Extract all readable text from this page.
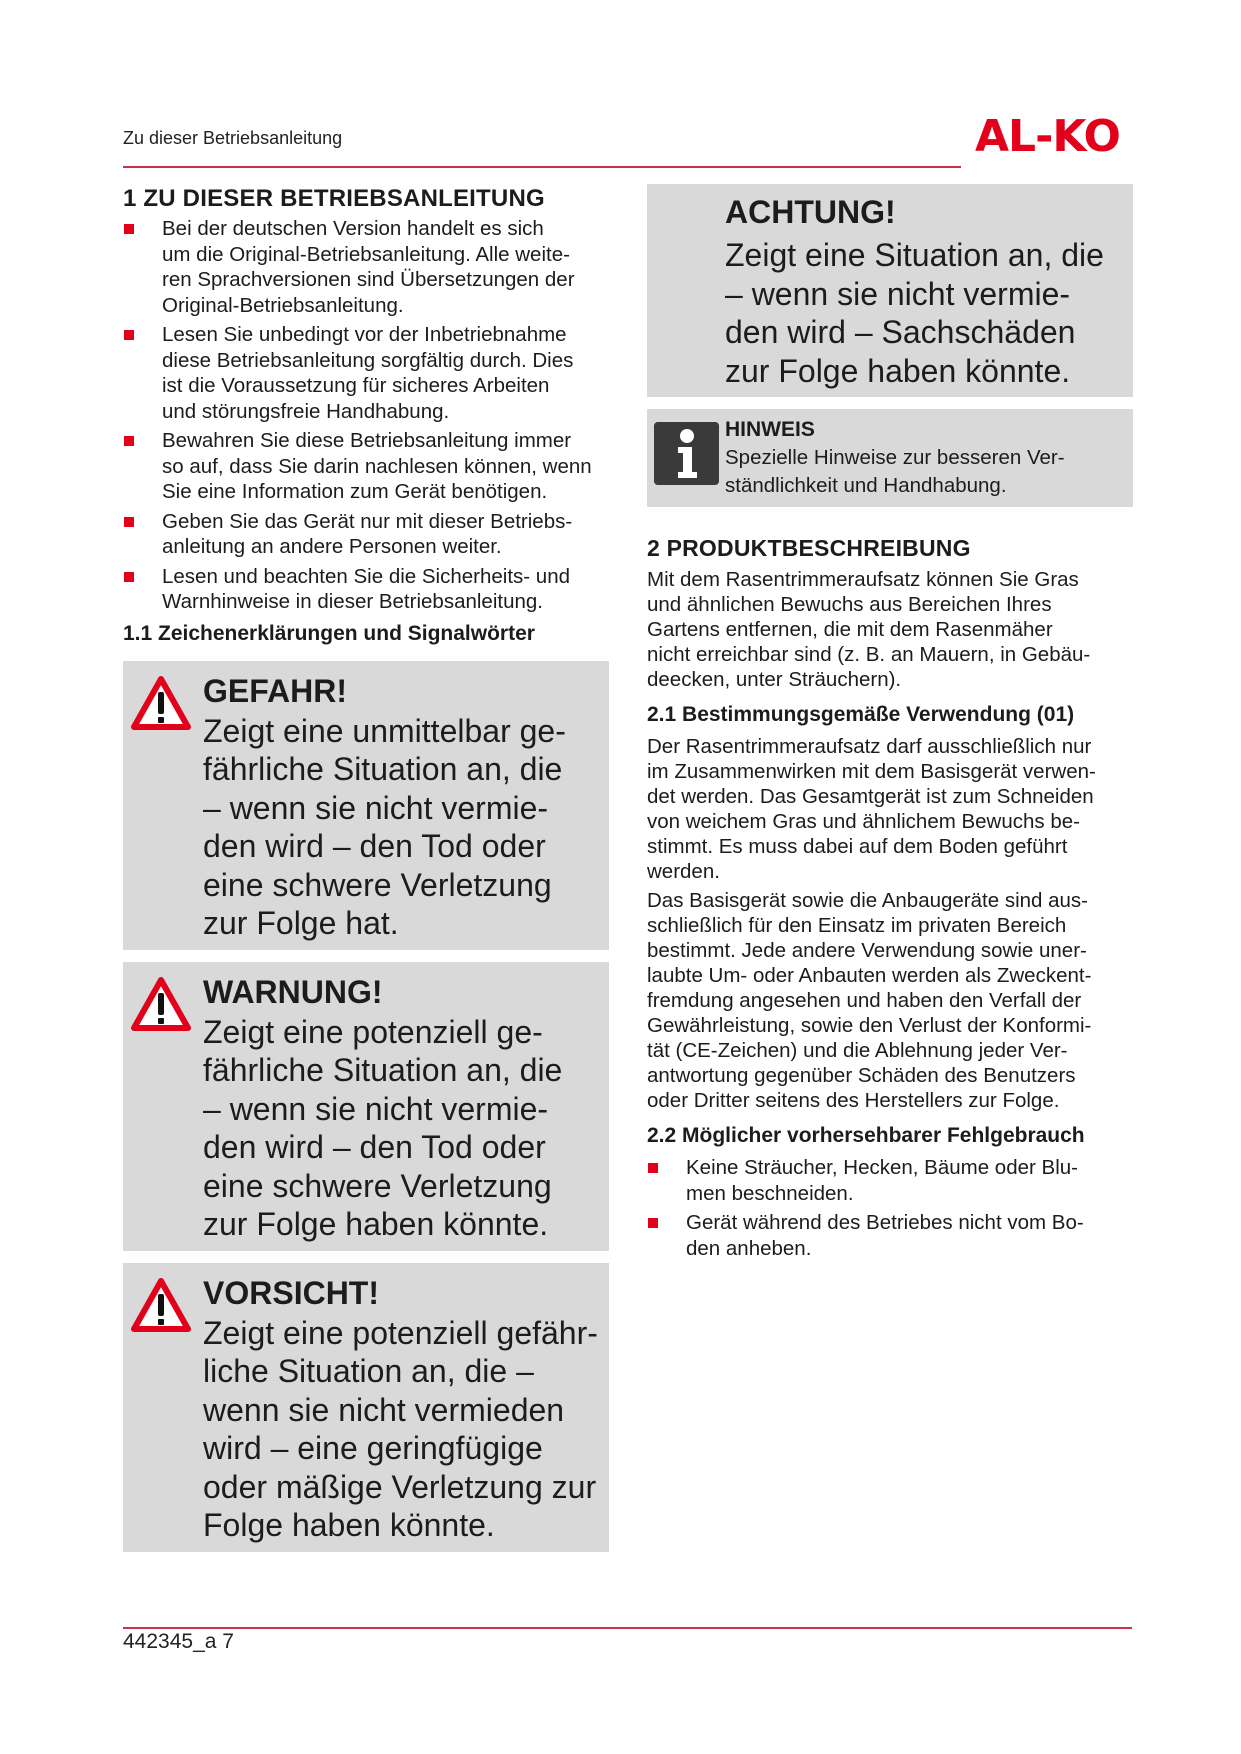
Zu dieser Betriebsanleitung	AL-KO
1 ZU DIESER BETRIEBSANLEITUNG
Bei der deutschen Version handelt es sich
um die Original-Betriebsanleitung. Alle weite-
ren Sprachversionen sind Übersetzungen der
Original-Betriebsanleitung.
Lesen Sie unbedingt vor der Inbetriebnahme
diese Betriebsanleitung sorgfältig durch. Dies
ist die Voraussetzung für sicheres Arbeiten
und störungsfreie Handhabung.
Bewahren Sie diese Betriebsanleitung immer
so auf, dass Sie darin nachlesen können, wenn
Sie eine Information zum Gerät benötigen.
Geben Sie das Gerät nur mit dieser Betriebs-
anleitung an andere Personen weiter.
Lesen und beachten Sie die Sicherheits- und
Warnhinweise in dieser Betriebsanleitung.
1.1 Zeichenerklärungen und Signalwörter
GEFAHR!
Zeigt eine unmittelbar ge-
fährliche Situation an, die
– wenn sie nicht vermie-
den wird – den Tod oder
eine schwere Verletzung
zur Folge hat.
WARNUNG!
Zeigt eine potenziell ge-
fährliche Situation an, die
– wenn sie nicht vermie-
den wird – den Tod oder
eine schwere Verletzung
zur Folge haben könnte.
VORSICHT!
Zeigt eine potenziell gefähr-
liche Situation an, die –
wenn sie nicht vermieden
wird – eine geringfügige
oder mäßige Verletzung zur
Folge haben könnte.
ACHTUNG!
Zeigt eine Situation an, die
– wenn sie nicht vermie-
den wird – Sachschäden
zur Folge haben könnte.
HINWEIS
Spezielle Hinweise zur besseren Ver-
ständlichkeit und Handhabung.
2 PRODUKTBESCHREIBUNG

Mit dem Rasentrimmeraufsatz können Sie Gras
und ähnlichen Bewuchs aus Bereichen Ihres
Gartens entfernen, die mit dem Rasenmäher
nicht erreichbar sind (z. B. an Mauern, in Gebäu-
deecken, unter Sträuchern).

2.1 Bestimmungsgemäße Verwendung (01)

Der Rasentrimmeraufsatz darf ausschließlich nur
im Zusammenwirken mit dem Basisgerät verwen-
det werden. Das Gesamtgerät ist zum Schneiden
von weichem Gras und ähnlichem Bewuchs be-
stimmt. Es muss dabei auf dem Boden geführt
werden.

Das Basisgerät sowie die Anbaugeräte sind aus-
schließlich für den Einsatz im privaten Bereich
bestimmt. Jede andere Verwendung sowie uner-
laubte Um- oder Anbauten werden als Zweckent-
fremdung angesehen und haben den Verfall der
Gewährleistung, sowie den Verlust der Konformi-
tät (CE-Zeichen) und die Ablehnung jeder Ver-
antwortung gegenüber Schäden des Benutzers
oder Dritter seitens des Herstellers zur Folge.

2.2 Möglicher vorhersehbarer Fehlgebrauch
Keine Sträucher, Hecken, Bäume oder Blu-
men beschneiden.
Gerät während des Betriebes nicht vom Bo-
den anheben.
442345_a 7
